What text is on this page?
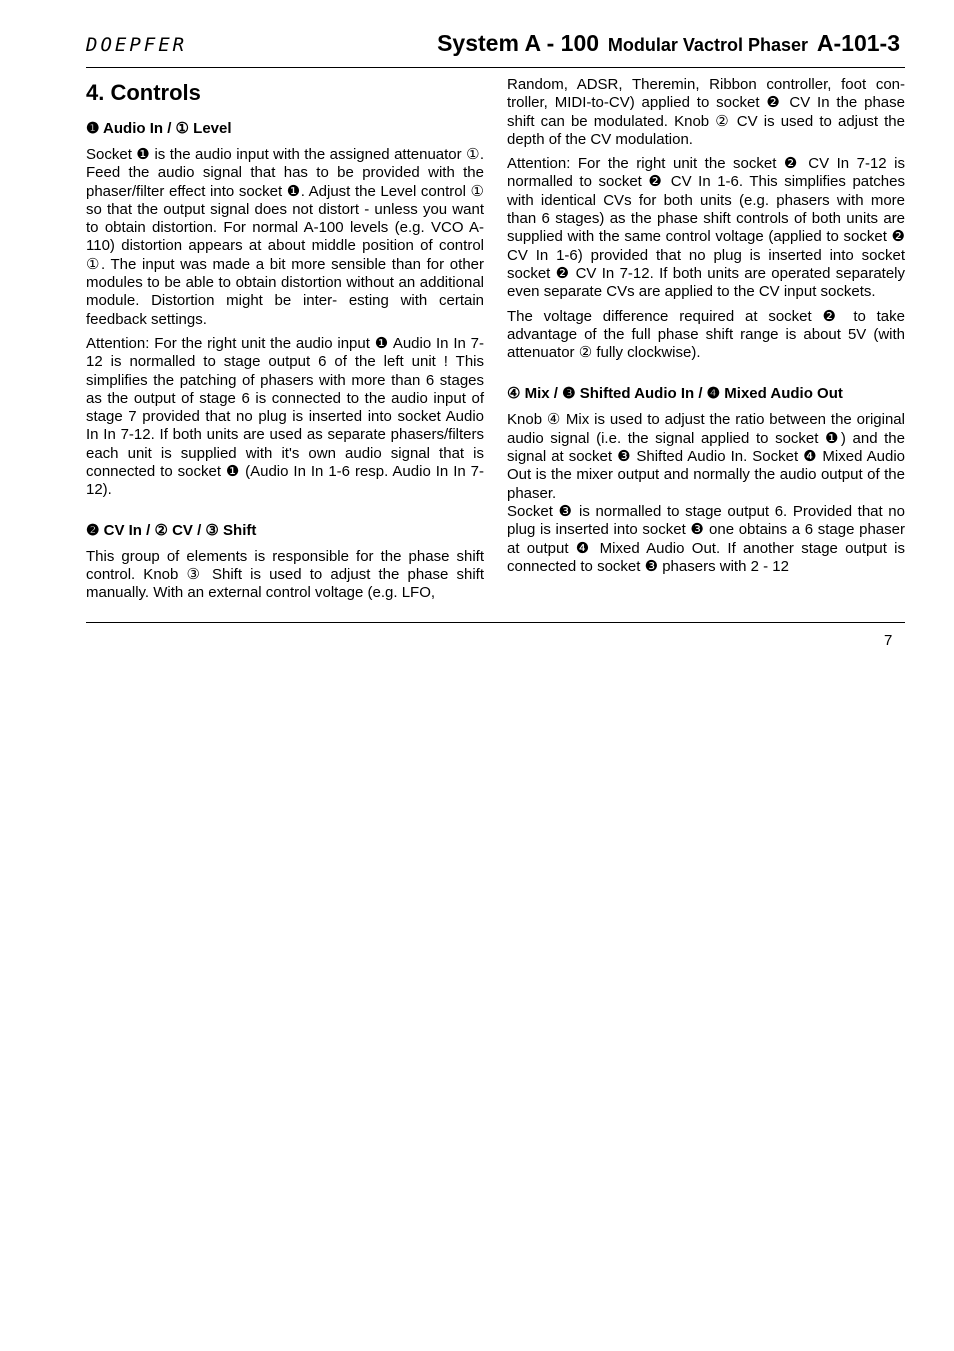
DOEPFER	System A - 100 Modular Vactrol Phaser A-101-3
4. Controls
❶ Audio In / ① Level

Socket ❶ is the audio input with the assigned attenuator ①. Feed the audio signal that has to be provided with the phaser/filter effect into socket ❶. Adjust the Level control ① so that the output signal does not distort - unless you want to obtain distortion. For normal A-100 levels (e.g. VCO A-110) distortion appears at about middle position of control ①. The input was made a bit more sensible than for other modules to be able to obtain distortion without an additional module. Distortion might be inter- esting with certain feedback settings.

Attention: For the right unit the audio input ❶ Audio In In 7-12 is normalled to stage output 6 of the left unit ! This simplifies the patching of phasers with more than 6 stages as the output of stage 6 is connected to the audio input of stage 7 provided that no plug is inserted into socket Audio In In 7-12. If both units are used as separate phasers/filters each unit is supplied with it's own audio signal that is connected to socket ❶ (Audio In In 1-6 resp. Audio In In 7-12).

❷ CV In / ② CV / ③ Shift

This group of elements is responsible for the phase shift control. Knob ③ Shift is used to adjust the phase shift manually. With an external control voltage (e.g. LFO,

Random, ADSR, Theremin, Ribbon controller, foot con- troller, MIDI-to-CV) applied to socket ❷ CV In the phase shift can be modulated. Knob ② CV is used to adjust the depth of the CV modulation.

Attention: For the right unit the socket ❷ CV In 7-12 is normalled to socket ❷ CV In 1-6. This simplifies patches with identical CVs for both units (e.g. phasers with more than 6 stages) as the phase shift controls of both units are supplied with the same control voltage (applied to socket ❷ CV In 1-6) provided that no plug is inserted into socket socket ❷ CV In 7-12. If both units are operated separately even separate CVs are applied to the CV input sockets.

The voltage difference required at socket ❷ to take advantage of the full phase shift range is about 5V (with attenuator ② fully clockwise).

④ Mix / ❸ Shifted Audio In / ❹ Mixed Audio Out

Knob ④ Mix is used to adjust the ratio between the original audio signal (i.e. the signal applied to socket ❶) and the signal at socket ❸ Shifted Audio In. Socket ❹ Mixed Audio Out is the mixer output and normally the audio output of the phaser.

Socket ❸ is normalled to stage output 6. Provided that no plug is inserted into socket ❸ one obtains a 6 stage phaser at output ❹ Mixed Audio Out. If another stage output is connected to socket ❸ phasers with 2 - 12

7
